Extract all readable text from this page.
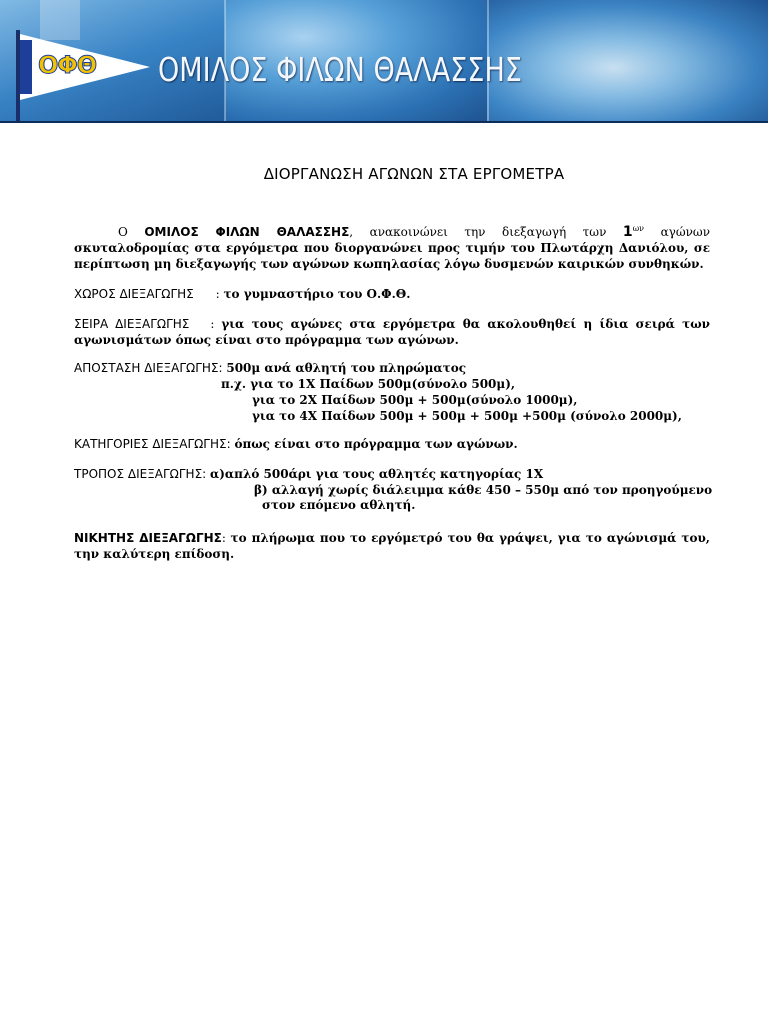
ΟΦΘ ΟΜΙΛΟΣ ΦΙΛΩΝ ΘΑΛΑΣΣΗΣ
ΔΙΟΡΓΑΝΩΣΗ ΑΓΩΝΩΝ ΣΤΑ ΕΡΓΟΜΕΤΡΑ
Ο ΟΜΙΛΟΣ ΦΙΛΩΝ ΘΑΛΑΣΣΗΣ, ανακοινώνει την διεξαγωγή των $1^{\omega\nu}$ αγώνων σκυταλοδρομίας στα εργόμετρα που διοργανώνει προς τιμήν του Πλωτάρχη Δανιόλου, σε περίπτωση μη διεξαγωγής των αγώνων κωπηλασίας λόγω δυσμενών καιρικών συνθηκών.
ΧΩΡΟΣ ΔΙΕΞΑΓΩΓΗΣ : το γυμναστήριο του Ο.Φ.Θ.
ΣΕΙΡΑ ΔΙΕΞΑΓΩΓΗΣ : για τους αγώνες στα εργόμετρα θα ακολουθηθεί η ίδια σειρά των αγωνισμάτων όπως είναι στο πρόγραμμα των αγώνων.
ΑΠΟΣΤΑΣΗ ΔΙΕΞΑΓΩΓΗΣ: 500μ ανά αθλητή του πληρώματος
π.χ. για το 1Χ Παίδων 500μ(σύνολο 500μ),
για το 2Χ Παίδων 500μ + 500μ(σύνολο 1000μ),
για το 4Χ Παίδων 500μ + 500μ + 500μ +500μ (σύνολο 2000μ),
ΚΑΤΗΓΟΡΙΕΣ ΔΙΕΞΑΓΩΓΗΣ: όπως είναι στο πρόγραμμα των αγώνων.
ΤΡΟΠΟΣ ΔΙΕΞΑΓΩΓΗΣ: α)απλό 500άρι για τους αθλητές κατηγορίας 1Χ
β) αλλαγή χωρίς διάλειμμα κάθε 450 – 550μ από τον προηγούμενο
στον επόμενο αθλητή.
ΝΙΚΗΤΗΣ ΔΙΕΞΑΓΩΓΗΣ: το πλήρωμα που το εργόμετρό του θα γράψει, για το αγώνισμά του, την καλύτερη επίδοση.
